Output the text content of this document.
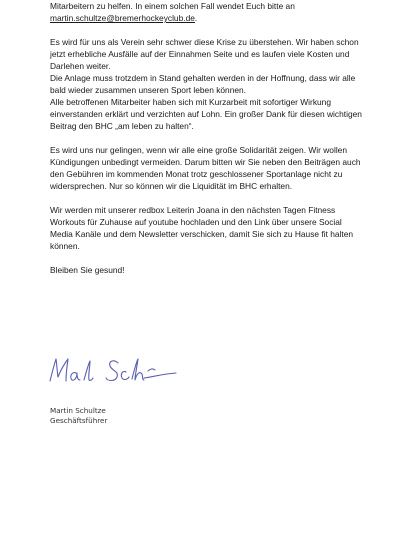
Mitarbeitern zu helfen. In einem solchen Fall wendet Euch bitte an
martin.schultze@bremerhockeyclub.de.

Es wird für uns als Verein sehr schwer diese Krise zu überstehen. Wir haben schon
jetzt erhebliche Ausfälle auf der Einnahmen Seite und es laufen viele Kosten und
Darlehen weiter.
Die Anlage muss trotzdem in Stand gehalten werden in der Hoffnung, dass wir alle
bald wieder zusammen unseren Sport leben können.
Alle betroffenen Mitarbeiter haben sich mit Kurzarbeit mit sofortiger Wirkung
einverstanden erklärt und verzichten auf Lohn. Ein großer Dank für diesen wichtigen
Beitrag den BHC „am leben zu halten“.

Es wird uns nur gelingen, wenn wir alle eine große Solidarität zeigen. Wir wollen
Kündigungen unbedingt vermeiden. Darum bitten wir Sie neben den Beiträgen auch
den Gebühren im kommenden Monat trotz geschlossener Sportanlage nicht zu
widersprechen. Nur so können wir die Liquidität im BHC erhalten.

Wir werden mit unserer redbox Leiterin Joana in den nächsten Tagen Fitness
Workouts für Zuhause auf youtube hochladen und den Link über unsere Social
Media Kanäle und dem Newsletter verschicken, damit Sie sich zu Hause fit halten
können.

Bleiben Sie gesund!

Martin Schultze
Geschäftsführer
